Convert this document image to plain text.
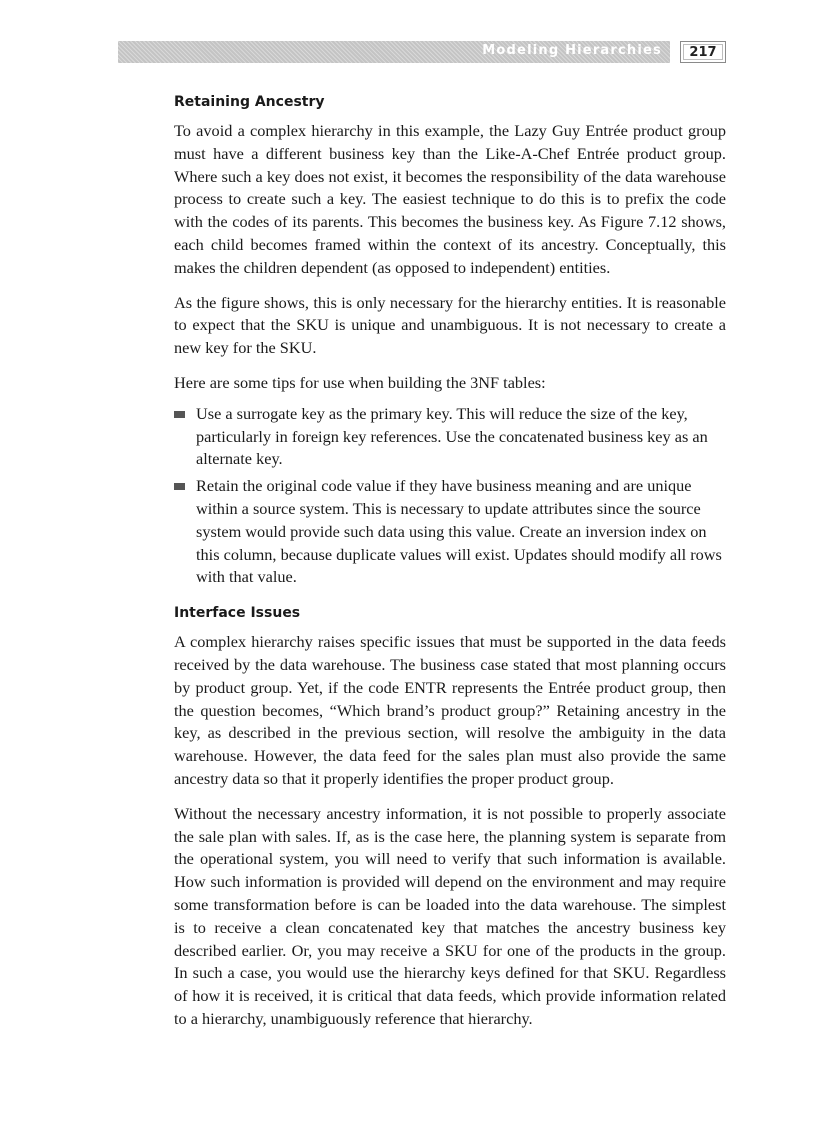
Modeling Hierarchies 217
Retaining Ancestry

To avoid a complex hierarchy in this example, the Lazy Guy Entrée product group must have a different business key than the Like-A-Chef Entrée product group. Where such a key does not exist, it becomes the responsibility of the data warehouse process to create such a key. The easiest technique to do this is to prefix the code with the codes of its parents. This becomes the business key. As Figure 7.12 shows, each child becomes framed within the context of its ancestry. Conceptually, this makes the children dependent (as opposed to independent) entities.

As the figure shows, this is only necessary for the hierarchy entities. It is reasonable to expect that the SKU is unique and unambiguous. It is not necessary to create a new key for the SKU.

Here are some tips for use when building the 3NF tables:

Use a surrogate key as the primary key. This will reduce the size of the key, particularly in foreign key references. Use the concatenated business key as an alternate key.
Retain the original code value if they have business meaning and are unique within a source system. This is necessary to update attributes since the source system would provide such data using this value. Create an inversion index on this column, because duplicate values will exist. Updates should modify all rows with that value.
Interface Issues

A complex hierarchy raises specific issues that must be supported in the data feeds received by the data warehouse. The business case stated that most planning occurs by product group. Yet, if the code ENTR represents the Entrée product group, then the question becomes, “Which brand’s product group?” Retaining ancestry in the key, as described in the previous section, will resolve the ambiguity in the data warehouse. However, the data feed for the sales plan must also provide the same ancestry data so that it properly identifies the proper product group.

Without the necessary ancestry information, it is not possible to properly associate the sale plan with sales. If, as is the case here, the planning system is separate from the operational system, you will need to verify that such information is available. How such information is provided will depend on the environment and may require some transformation before is can be loaded into the data warehouse. The simplest is to receive a clean concatenated key that matches the ancestry business key described earlier. Or, you may receive a SKU for one of the products in the group. In such a case, you would use the hierarchy keys defined for that SKU. Regardless of how it is received, it is critical that data feeds, which provide information related to a hierarchy, unambiguously reference that hierarchy.
